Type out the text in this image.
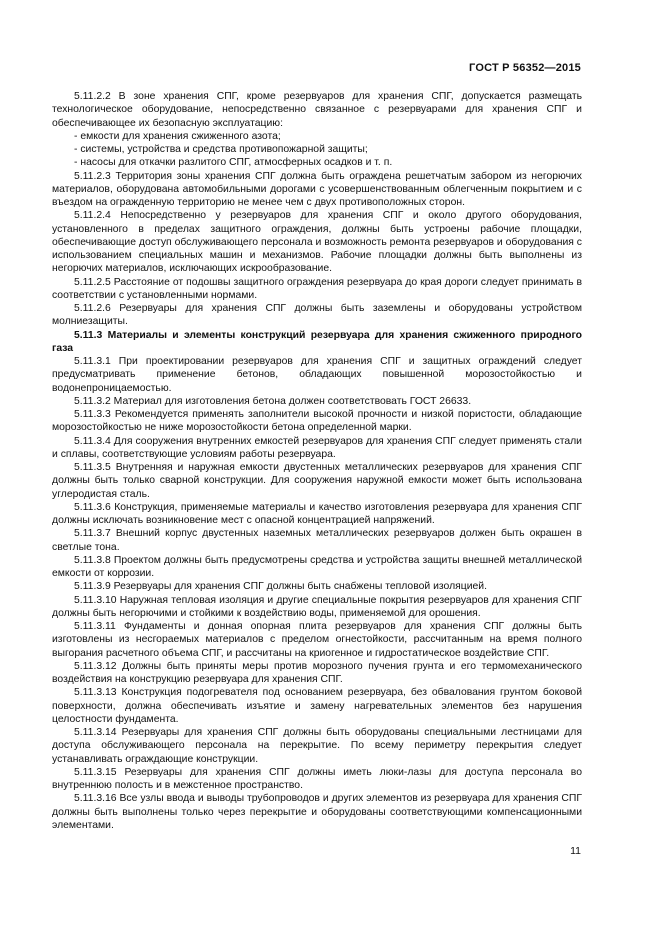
ГОСТ Р 56352—2015

5.11.2.2 В зоне хранения СПГ, кроме резервуаров для хранения СПГ, допускается размещать технологическое оборудование, непосредственно связанное с резервуарами для хранения СПГ и обеспечивающее их безопасную эксплуатацию:

- емкости для хранения сжиженного азота;

- системы, устройства и средства противопожарной защиты;

- насосы для откачки разлитого СПГ, атмосферных осадков и т. п.

5.11.2.3 Территория зоны хранения СПГ должна быть ограждена решетчатым забором из негорючих материалов, оборудована автомобильными дорогами с усовершенствованным облегченным покрытием и с въездом на огражденную территорию не менее чем с двух противоположных сторон.

5.11.2.4 Непосредственно у резервуаров для хранения СПГ и около другого оборудования, установленного в пределах защитного ограждения, должны быть устроены рабочие площадки, обеспечивающие доступ обслуживающего персонала и возможность ремонта резервуаров и оборудования с использованием специальных машин и механизмов. Рабочие площадки должны быть выполнены из негорючих материалов, исключающих искрообразование.

5.11.2.5 Расстояние от подошвы защитного ограждения резервуара до края дороги следует принимать в соответствии с установленными нормами.

5.11.2.6 Резервуары для хранения СПГ должны быть заземлены и оборудованы устройством молниезащиты.

5.11.3 Материалы и элементы конструкций резервуара для хранения сжиженного природного газа

5.11.3.1 При проектировании резервуаров для хранения СПГ и защитных ограждений следует предусматривать применение бетонов, обладающих повышенной морозостойкостью и водонепроницаемостью.

5.11.3.2 Материал для изготовления бетона должен соответствовать ГОСТ 26633.

5.11.3.3 Рекомендуется применять заполнители высокой прочности и низкой пористости, обладающие морозостойкостью не ниже морозостойкости бетона определенной марки.

5.11.3.4 Для сооружения внутренних емкостей резервуаров для хранения СПГ следует применять стали и сплавы, соответствующие условиям работы резервуара.

5.11.3.5 Внутренняя и наружная емкости двустенных металлических резервуаров для хранения СПГ должны быть только сварной конструкции. Для сооружения наружной емкости может быть использована углеродистая сталь.

5.11.3.6 Конструкция, применяемые материалы и качество изготовления резервуара для хранения СПГ должны исключать возникновение мест с опасной концентрацией напряжений.

5.11.3.7 Внешний корпус двустенных наземных металлических резервуаров должен быть окрашен в светлые тона.

5.11.3.8 Проектом должны быть предусмотрены средства и устройства защиты внешней металлической емкости от коррозии.

5.11.3.9 Резервуары для хранения СПГ должны быть снабжены тепловой изоляцией.

5.11.3.10 Наружная тепловая изоляция и другие специальные покрытия резервуаров для хранения СПГ должны быть негорючими и стойкими к воздействию воды, применяемой для орошения.

5.11.3.11 Фундаменты и донная опорная плита резервуаров для хранения СПГ должны быть изготовлены из несгораемых материалов с пределом огнестойкости, рассчитанным на время полного выгорания расчетного объема СПГ, и рассчитаны на криогенное и гидростатическое воздействие СПГ.

5.11.3.12 Должны быть приняты меры против морозного пучения грунта и его термомеханического воздействия на конструкцию резервуара для хранения СПГ.

5.11.3.13 Конструкция подогревателя под основанием резервуара, без обвалования грунтом боковой поверхности, должна обеспечивать изъятие и замену нагревательных элементов без нарушения целостности фундамента.

5.11.3.14 Резервуары для хранения СПГ должны быть оборудованы специальными лестницами для доступа обслуживающего персонала на перекрытие. По всему периметру перекрытия следует устанавливать ограждающие конструкции.

5.11.3.15 Резервуары для хранения СПГ должны иметь люки-лазы для доступа персонала во внутреннюю полость и в межстенное пространство.

5.11.3.16 Все узлы ввода и выводы трубопроводов и других элементов из резервуара для хранения СПГ должны быть выполнены только через перекрытие и оборудованы соответствующими компенсационными элементами.

11
